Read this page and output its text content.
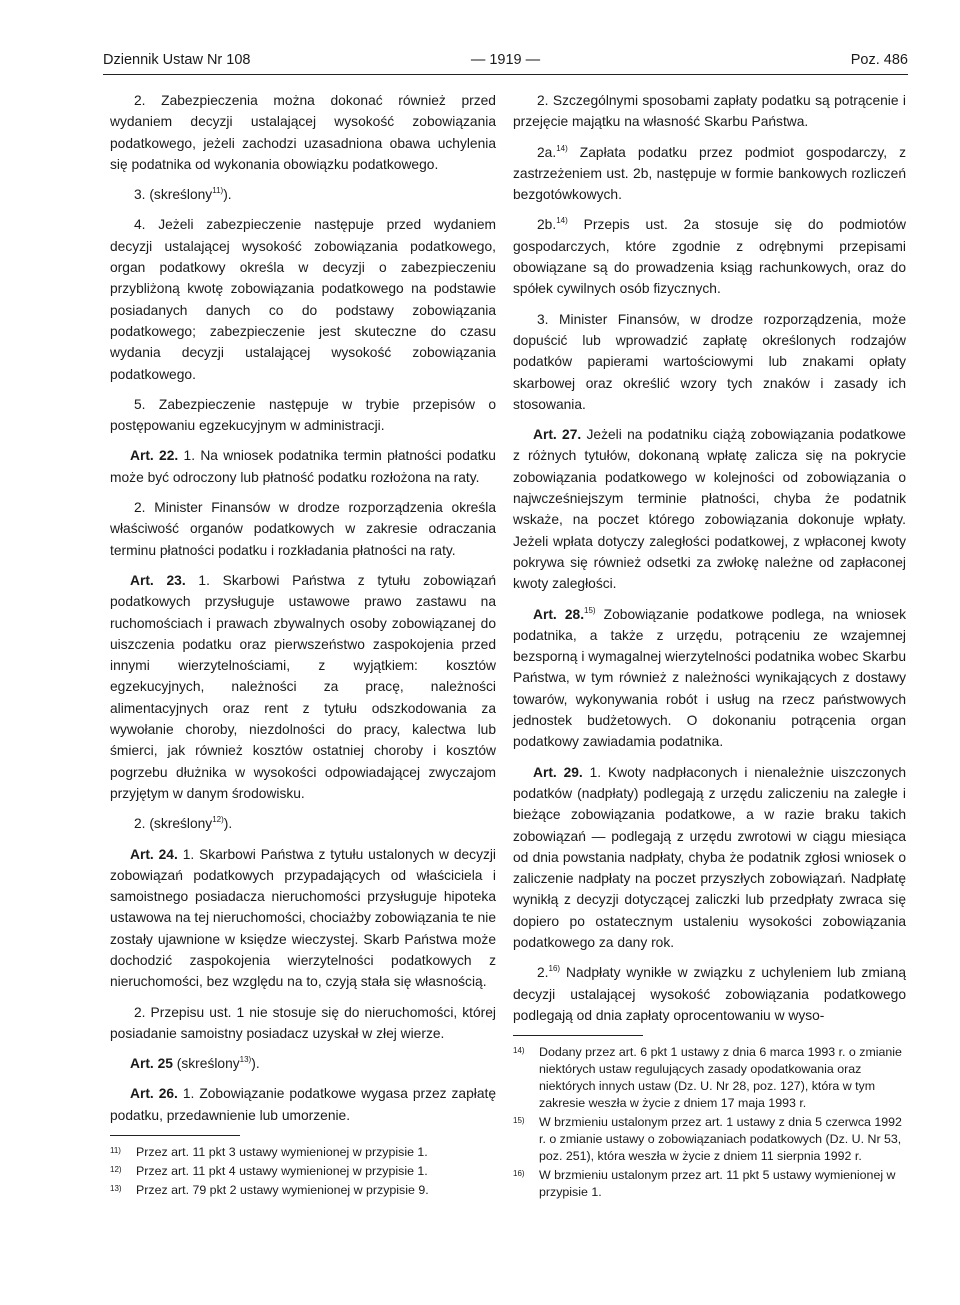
Dziennik Ustaw Nr 108	— 1919 —	Poz. 486

2. Zabezpieczenia można dokonać również przed wydaniem decyzji ustalającej wysokość zobowiązania podatkowego, jeżeli zachodzi uzasadniona obawa uchylenia się podatnika od wykonania obowiązku podatkowego.

3. (skreślony$^{11)}$).

4. Jeżeli zabezpieczenie następuje przed wydaniem decyzji ustalającej wysokość zobowiązania podatkowego, organ podatkowy określa w decyzji o zabezpieczeniu przybliżoną kwotę zobowiązania podatkowego na podstawie posiadanych danych co do podstawy zobowiązania podatkowego; zabezpieczenie jest skuteczne do czasu wydania decyzji ustalającej wysokość zobowiązania podatkowego.

5. Zabezpieczenie następuje w trybie przepisów o postępowaniu egzekucyjnym w administracji.

Art. 22. 1. Na wniosek podatnika termin płatności podatku może być odroczony lub płatność podatku rozłożona na raty.

2. Minister Finansów w drodze rozporządzenia określa właściwość organów podatkowych w zakresie odraczania terminu płatności podatku i rozkładania płatności na raty.

Art. 23. 1. Skarbowi Państwa z tytułu zobowiązań podatkowych przysługuje ustawowe prawo zastawu na ruchomościach i prawach zbywalnych osoby zobowiązanej do uiszczenia podatku oraz pierwszeństwo zaspokojenia przed innymi wierzytelnościami, z wyjątkiem: kosztów egzekucyjnych, należności za pracę, należności alimentacyjnych oraz rent z tytułu odszkodowania za wywołanie choroby, niezdolności do pracy, kalectwa lub śmierci, jak również kosztów ostatniej choroby i kosztów pogrzebu dłużnika w wysokości odpowiadającej zwyczajom przyjętym w danym środowisku.

2. (skreślony$^{12)}$).

Art. 24. 1. Skarbowi Państwa z tytułu ustalonych w decyzji zobowiązań podatkowych przypadających od właściciela i samoistnego posiadacza nieruchomości przysługuje hipoteka ustawowa na tej nieruchomości, chociażby zobowiązania te nie zostały ujawnione w księdze wieczystej. Skarb Państwa może dochodzić zaspokojenia wierzytelności podatkowych z nieruchomości, bez względu na to, czyją stała się własnością.

2. Przepisu ust. 1 nie stosuje się do nieruchomości, której posiadanie samoistny posiadacz uzyskał w złej wierze.

Art. 25 (skreślony$^{13)}$).

Art. 26. 1. Zobowiązanie podatkowe wygasa przez zapłatę podatku, przedawnienie lub umorzenie.

11)	Przez art. 11 pkt 3 ustawy wymienionej w przypisie 1.
12)	Przez art. 11 pkt 4 ustawy wymienionej w przypisie 1.
13)	Przez art. 79 pkt 2 ustawy wymienionej w przypisie 9.

2. Szczególnymi sposobami zapłaty podatku są potrącenie i przejęcie majątku na własność Skarbu Państwa.

2a.$^{14)}$ Zapłata podatku przez podmiot gospodarczy, z zastrzeżeniem ust. 2b, następuje w formie bankowych rozliczeń bezgotówkowych.

2b.$^{14)}$ Przepis ust. 2a stosuje się do podmiotów gospodarczych, które zgodnie z odrębnymi przepisami obowiązane są do prowadzenia ksiąg rachunkowych, oraz do spółek cywilnych osób fizycznych.

3. Minister Finansów, w drodze rozporządzenia, może dopuścić lub wprowadzić zapłatę określonych rodzajów podatków papierami wartościowymi lub znakami opłaty skarbowej oraz określić wzory tych znaków i zasady ich stosowania.

Art. 27. Jeżeli na podatniku ciążą zobowiązania podatkowe z różnych tytułów, dokonaną wpłatę zalicza się na pokrycie zobowiązania podatkowego w kolejności od zobowiązania o najwcześniejszym terminie płatności, chyba że podatnik wskaże, na poczet którego zobowiązania dokonuje wpłaty. Jeżeli wpłata dotyczy zaległości podatkowej, z wpłaconej kwoty pokrywa się również odsetki za zwłokę należne od zapłaconej kwoty zaległości.

Art. 28.$^{15)}$ Zobowiązanie podatkowe podlega, na wniosek podatnika, a także z urzędu, potrąceniu ze wzajemnej bezsporną i wymagalnej wierzytelności podatnika wobec Skarbu Państwa, w tym również z należności wynikających z dostawy towarów, wykonywania robót i usług na rzecz państwowych jednostek budżetowych. O dokonaniu potrącenia organ podatkowy zawiadamia podatnika.

Art. 29. 1. Kwoty nadpłaconych i nienależnie uiszczonych podatków (nadpłaty) podlegają z urzędu zaliczeniu na zaległe i bieżące zobowiązania podatkowe, a w razie braku takich zobowiązań — podlegają z urzędu zwrotowi w ciągu miesiąca od dnia powstania nadpłaty, chyba że podatnik zgłosi wniosek o zaliczenie nadpłaty na poczet przyszłych zobowiązań. Nadpłatę wynikłą z decyzji dotyczącej zaliczki lub przedpłaty zwraca się dopiero po ostatecznym ustaleniu wysokości zobowiązania podatkowego za dany rok.

2.$^{16)}$ Nadpłaty wynikłe w związku z uchyleniem lub zmianą decyzji ustalającej wysokość zobowiązania podatkowego podlegają od dnia zapłaty oprocentowaniu w wyso-

14)	Dodany przez art. 6 pkt 1 ustawy z dnia 6 marca 1993 r. o zmianie niektórych ustaw regulujących zasady opodatkowania oraz niektórych innych ustaw (Dz. U. Nr 28, poz. 127), która w tym zakresie weszła w życie z dniem 17 maja 1993 r.
15)	W brzmieniu ustalonym przez art. 1 ustawy z dnia 5 czerwca 1992 r. o zmianie ustawy o zobowiązaniach podatkowych (Dz. U. Nr 53, poz. 251), która weszła w życie z dniem 11 sierpnia 1992 r.
16)	W brzmieniu ustalonym przez art. 11 pkt 5 ustawy wymienionej w przypisie 1.
